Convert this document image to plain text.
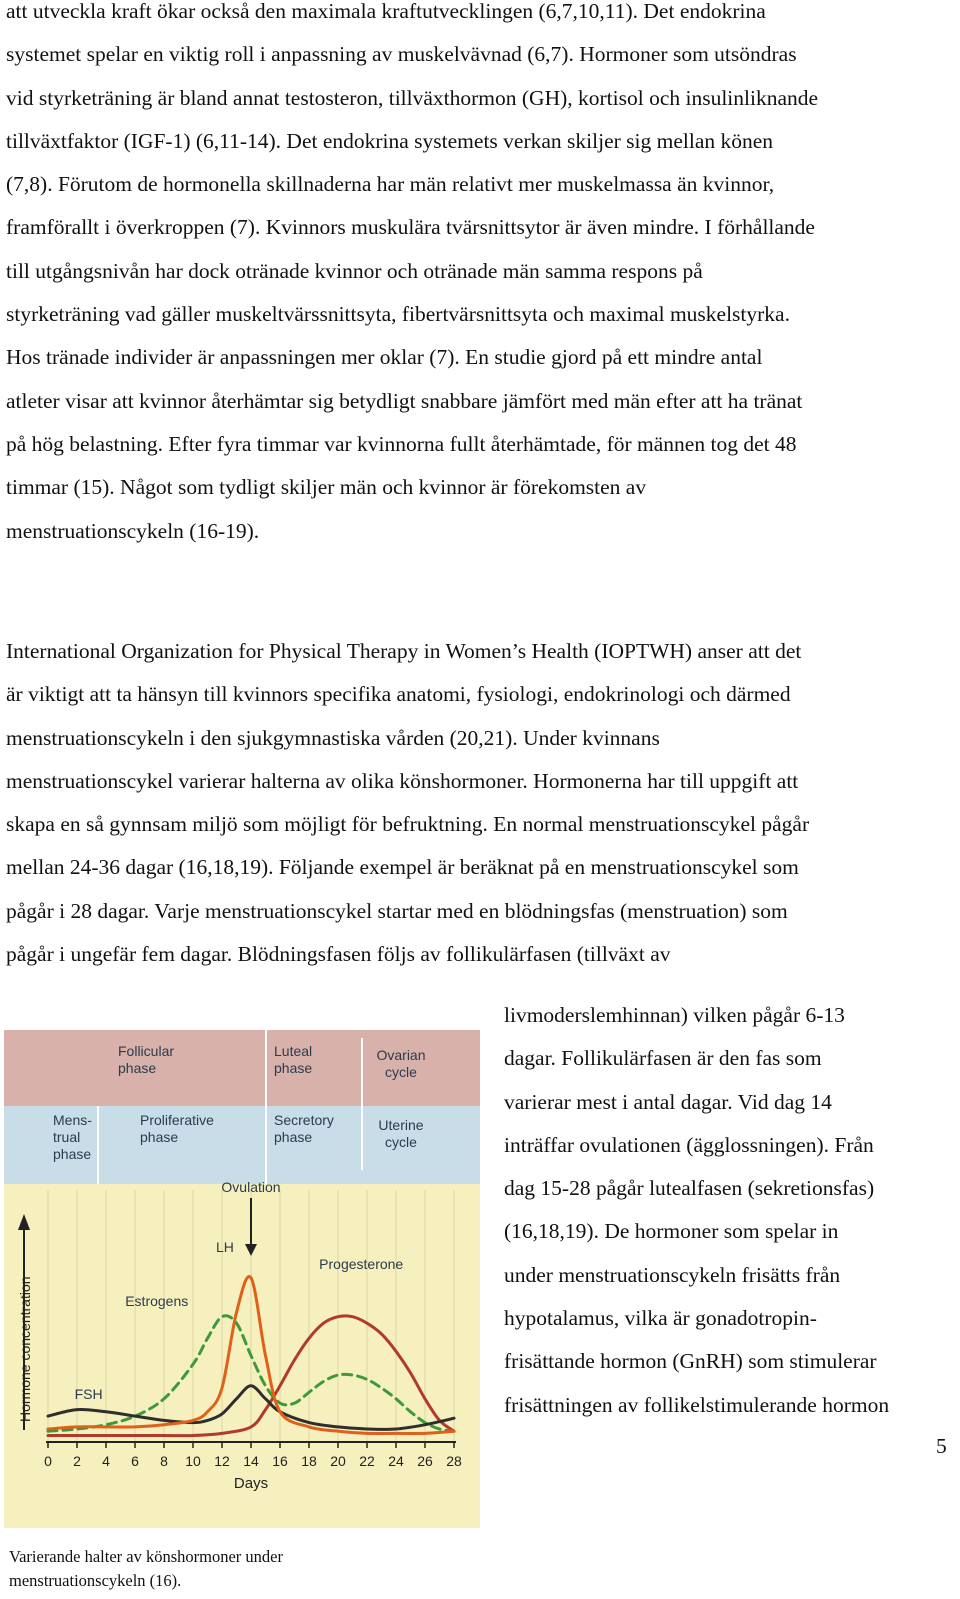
att utveckla kraft ökar också den maximala kraftutvecklingen (6,7,10,11). Det endokrina

systemet spelar en viktig roll i anpassning av muskelvävnad (6,7). Hormoner som utsöndras

vid styrketräning är bland annat testosteron, tillväxthormon (GH), kortisol och insulinliknande

tillväxtfaktor (IGF-1) (6,11-14). Det endokrina systemets verkan skiljer sig mellan könen

(7,8). Förutom de hormonella skillnaderna har män relativt mer muskelmassa än kvinnor,

framförallt i överkroppen (7). Kvinnors muskulära tvärsnittsytor är även mindre. I förhållande

till utgångsnivån har dock otränade kvinnor och otränade män samma respons på

styrketräning vad gäller muskeltvärssnittsyta, fibertvärsnittsyta och maximal muskelstyrka.

Hos tränade individer är anpassningen mer oklar (7). En studie gjord på ett mindre antal

atleter visar att kvinnor återhämtar sig betydligt snabbare jämfört med män efter att ha tränat

på hög belastning. Efter fyra timmar var kvinnorna fullt återhämtade, för männen tog det 48

timmar (15). Något som tydligt skiljer män och kvinnor är förekomsten av

menstruationscykeln (16-19).

International Organization for Physical Therapy in Women’s Health (IOPTWH) anser att det

är viktigt att ta hänsyn till kvinnors specifika anatomi, fysiologi, endokrinologi och därmed

menstruationscykeln i den sjukgymnastiska vården (20,21). Under kvinnans

menstruationscykel varierar halterna av olika könshormoner. Hormonerna har till uppgift att

skapa en så gynnsam miljö som möjligt för befruktning. En normal menstruationscykel pågår

mellan 24-36 dagar (16,18,19). Följande exempel är beräknat på en menstruationscykel som

pågår i 28 dagar. Varje menstruationscykel startar med en blödningsfas (menstruation) som

pågår i ungefär fem dagar. Blödningsfasen följs av follikulärfasen (tillväxt av

livmoderslemhinnan) vilken pågår 6-13

dagar. Follikulärfasen är den fas som

varierar mest i antal dagar. Vid dag 14

inträffar ovulationen (ägglossningen). Från

dag 15-28 pågår lutealfasen (sekretionsfas)

(16,18,19). De hormoner som spelar in

under menstruationscykeln frisätts från

hypotalamus, vilka är gonadotropin-

frisättande hormon (GnRH) som stimulerar

frisättningen av follikelstimulerande hormon

5
Follicular
phase
Luteal
phase
Ovarian
cycle
Mens-
trual
phase
Proliferative
phase
Secretory
phase
Uterine
cycle
Progesterone
Estrogens
FSH
LH
Ovulation
0 2 4 6 8 10 12 14 16 18 20 22 24 26 28
Days
Hormone concentration

Varierande halter av könshormoner under

menstruationscykeln (16).
